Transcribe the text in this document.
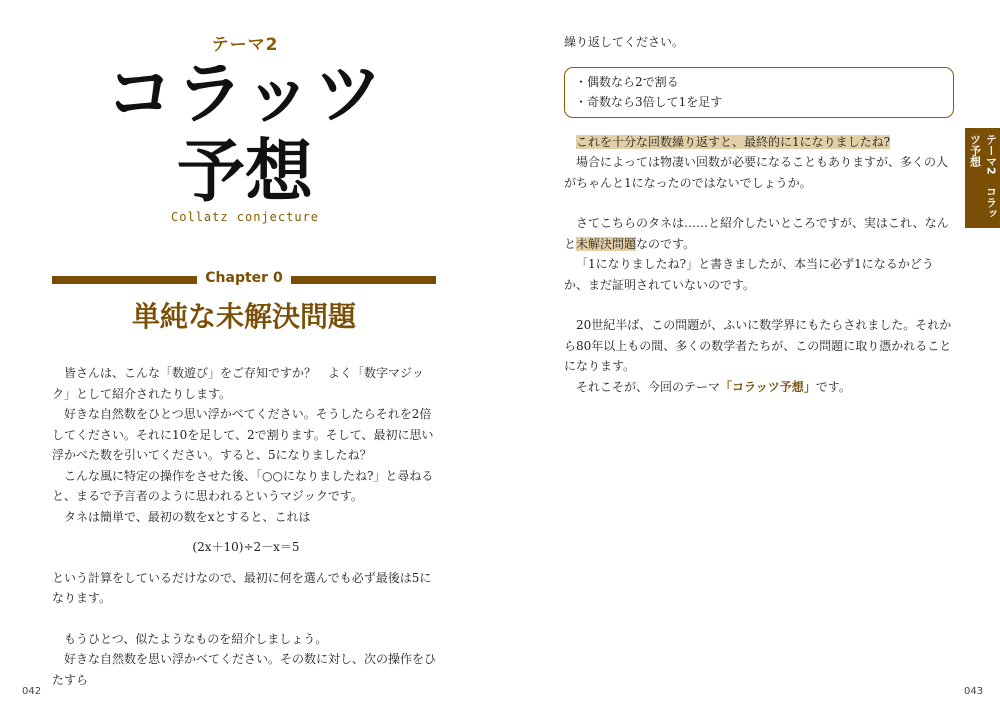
テーマ2
コラッツ
予想
Collatz conjecture
Chapter 0
単純な未解決問題

皆さんは、こんな「数遊び」をご存知ですか？　よく「数字マジック」として紹介されたりします。

好きな自然数をひとつ思い浮かべてください。そうしたらそれを2倍してください。それに10を足して、2で割ります。そして、最初に思い浮かべた数を引いてください。すると、5になりましたね？

こんな風に特定の操作をさせた後、「○○になりましたね?」と尋ねると、まるで予言者のように思われるというマジックです。

タネは簡単で、最初の数をxとすると、これは

(2x＋10)÷2－x＝5

という計算をしているだけなので、最初に何を選んでも必ず最後は5になります。

もうひとつ、似たようなものを紹介しましょう。

好きな自然数を思い浮かべてください。その数に対し、次の操作をひたすら

042

繰り返してください。

・偶数なら2で割る

・奇数なら3倍して1を足す

これを十分な回数繰り返すと、最終的に1になりましたね?

場合によっては物凄い回数が必要になることもありますが、多くの人がちゃんと1になったのではないでしょうか。

さてこちらのタネは……と紹介したいところですが、実はこれ、なんと未解決問題なのです。

「1になりましたね?」と書きましたが、本当に必ず1になるかどうか、まだ証明されていないのです。

20世紀半ば、この問題が、ふいに数学界にもたらされました。それから80年以上もの間、多くの数学者たちが、この問題に取り憑かれることになります。

それこそが、今回のテーマ「コラッツ予想」です。

テーマ2　コラッツ予想
043
